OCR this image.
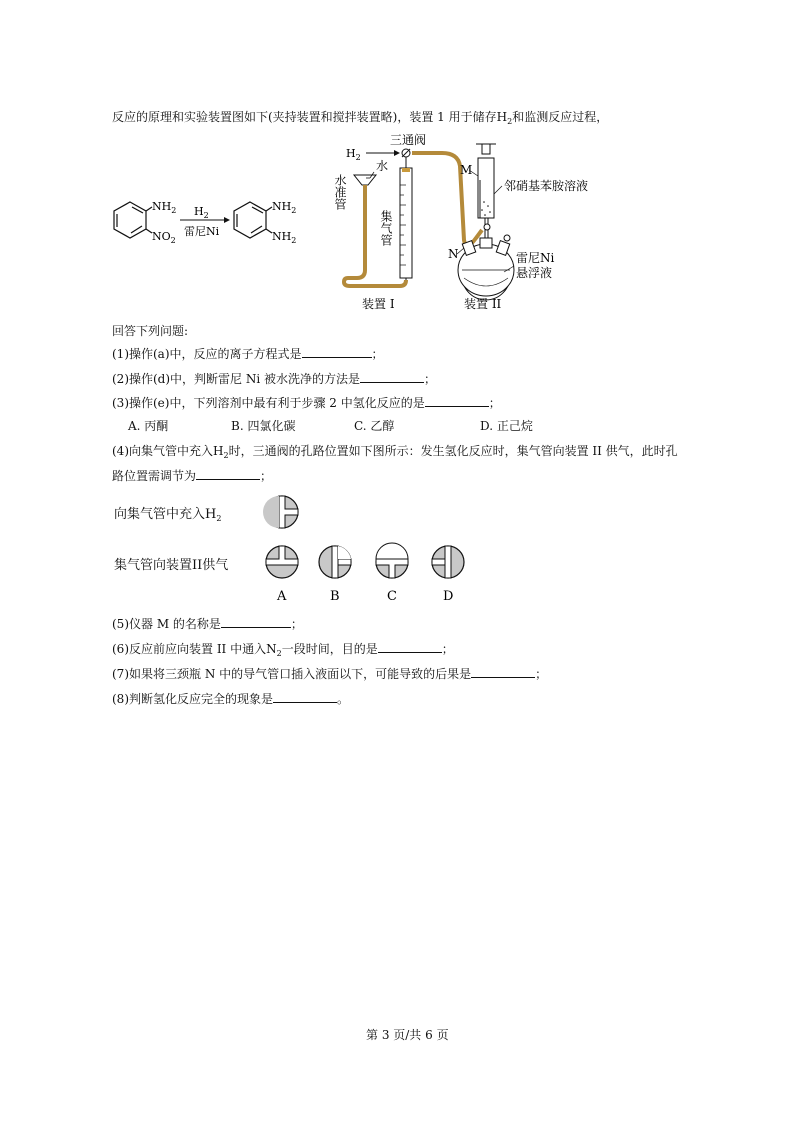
反应的原理和实验装置图如下(夹持装置和搅拌装置略)，装置 1 用于储存$H_2$和监测反应过程，
$NH_2$
$NO_2$
$H_2$
雷尼Ni
$NH_2$
$NH_2$
$H_2$
三通阀
集气管
水准管
水	M
邻硝基苯胺溶液
N	雷尼Ni
悬浮液
装置 I	装置 II
回答下列问题:
(1)操作(a)中，反应的离子方程式是	；
(2)操作(d)中，判断雷尼 Ni 被水洗净的方法是	；
(3)操作(e)中，下列溶剂中最有利于步骤 2 中氢化反应的是	；
A. 丙酮	B. 四氯化碳	C. 乙醇	D. 正己烷
(4)向集气管中充入$H_2$时，三通阀的孔路位置如下图所示：发生氢化反应时，集气管向装置 II 供气，此时孔
路位置需调节为	；
向集气管中充入$H_2$
集气管向装置II供气
A	B	C	D
(5)仪器 M 的名称是	；
(6)反应前应向装置 II 中通入$N_2$一段时间，目的是	；
(7)如果将三颈瓶 N 中的导气管口插入液面以下，可能导致的后果是	；
(8)判断氢化反应完全的现象是	。
第 3 页/共 6 页
